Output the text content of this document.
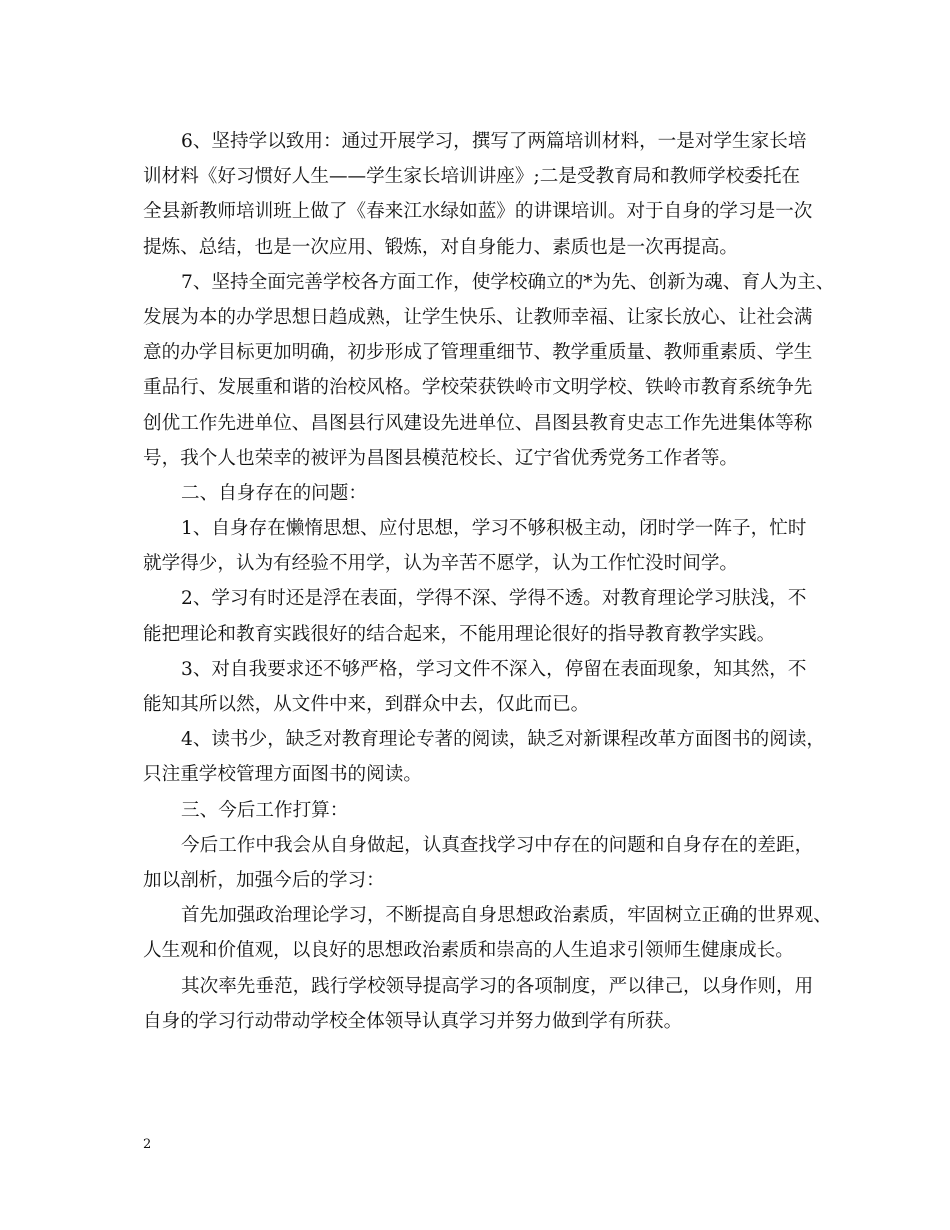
6、坚持学以致用：通过开展学习，撰写了两篇培训材料，一是对学生家长培
训材料《好习惯好人生——学生家长培训讲座》;二是受教育局和教师学校委托在
全县新教师培训班上做了《春来江水绿如蓝》的讲课培训。对于自身的学习是一次
提炼、总结，也是一次应用、锻炼，对自身能力、素质也是一次再提高。
7、坚持全面完善学校各方面工作，使学校确立的*为先、创新为魂、育人为主、
发展为本的办学思想日趋成熟，让学生快乐、让教师幸福、让家长放心、让社会满
意的办学目标更加明确，初步形成了管理重细节、教学重质量、教师重素质、学生
重品行、发展重和谐的治校风格。学校荣获铁岭市文明学校、铁岭市教育系统争先
创优工作先进单位、昌图县行风建设先进单位、昌图县教育史志工作先进集体等称
号，我个人也荣幸的被评为昌图县模范校长、辽宁省优秀党务工作者等。
二、自身存在的问题：
1、自身存在懒惰思想、应付思想，学习不够积极主动，闭时学一阵子，忙时
就学得少，认为有经验不用学，认为辛苦不愿学，认为工作忙没时间学。
2、学习有时还是浮在表面，学得不深、学得不透。对教育理论学习肤浅，不
能把理论和教育实践很好的结合起来，不能用理论很好的指导教育教学实践。
3、对自我要求还不够严格，学习文件不深入，停留在表面现象，知其然，不
能知其所以然，从文件中来，到群众中去，仅此而已。
4、读书少，缺乏对教育理论专著的阅读，缺乏对新课程改革方面图书的阅读，
只注重学校管理方面图书的阅读。
三、今后工作打算：
今后工作中我会从自身做起，认真查找学习中存在的问题和自身存在的差距，
加以剖析，加强今后的学习：
首先加强政治理论学习，不断提高自身思想政治素质，牢固树立正确的世界观、
人生观和价值观，以良好的思想政治素质和崇高的人生追求引领师生健康成长。
其次率先垂范，践行学校领导提高学习的各项制度，严以律己，以身作则，用
自身的学习行动带动学校全体领导认真学习并努力做到学有所获。
2
